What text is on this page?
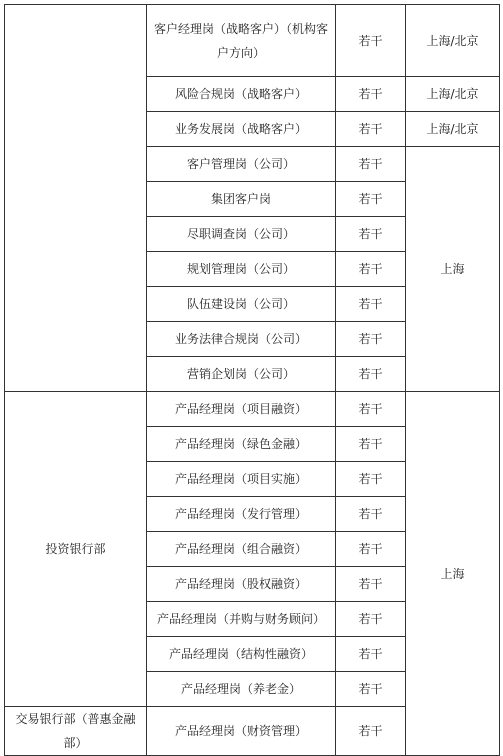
	客户经理岗（战略客户）（机构客户方向）	若干	上海/北京
	风险合规岗（战略客户）	若干	上海/北京
	业务发展岗（战略客户）	若干	上海/北京
	客户管理岗（公司）	若干	上海
	集团客户岗	若干	
	尽职调查岗（公司）	若干	
	规划管理岗（公司）	若干	
	队伍建设岗（公司）	若干	
	业务法律合规岗（公司）	若干	
	营销企划岗（公司）	若干	
投资银行部	产品经理岗（项目融资）	若干	上海
	产品经理岗（绿色金融）	若干	
	产品经理岗（项目实施）	若干	
	产品经理岗（发行管理）	若干	
	产品经理岗（组合融资）	若干	
	产品经理岗（股权融资）	若干	
	产品经理岗（并购与财务顾问）	若干	
	产品经理岗（结构性融资）	若干	
	产品经理岗（养老金）	若干	
交易银行部（普惠金融部）	产品经理岗（财资管理）	若干	
